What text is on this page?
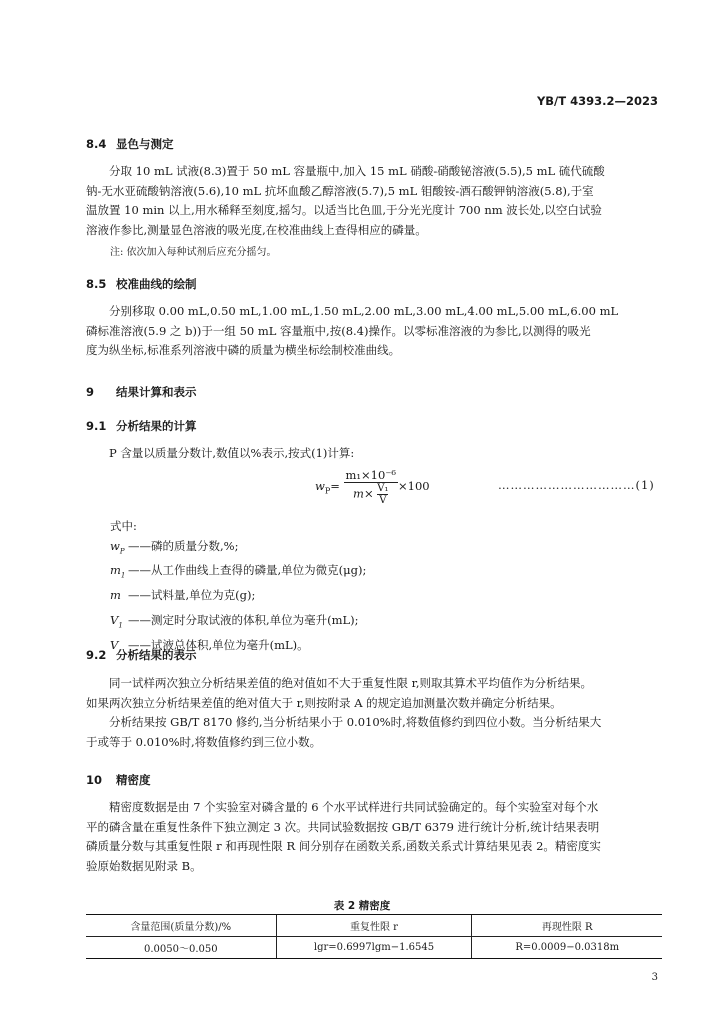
YB/T 4393.2—2023
8.4 显色与测定

分取 10 mL 试液(8.3)置于 50 mL 容量瓶中,加入 15 mL 硝酸-硝酸铋溶液(5.5),5 mL 硫代硫酸
钠-无水亚硫酸钠溶液(5.6),10 mL 抗坏血酸乙醇溶液(5.7),5 mL 钼酸铵-酒石酸钾钠溶液(5.8),于室
温放置 10 min 以上,用水稀释至刻度,摇匀。以适当比色皿,于分光光度计 700 nm 波长处,以空白试验
溶液作参比,测量显色溶液的吸光度,在校准曲线上查得相应的磷量。

注: 依次加入每种试剂后应充分摇匀。
8.5 校准曲线的绘制

分别移取 0.00 mL,0.50 mL,1.00 mL,1.50 mL,2.00 mL,3.00 mL,4.00 mL,5.00 mL,6.00 mL
磷标准溶液(5.9 之 b))于一组 50 mL 容量瓶中,按(8.4)操作。以零标准溶液的为参比,以测得的吸光
度为纵坐标,标准系列溶液中磷的质量为横坐标绘制校准曲线。

9 结果计算和表示
9.1 分析结果的计算

P 含量以质量分数计,数值以%表示,按式(1)计算:

$w_P= \frac{\text{m₁×10⁻⁶}}{m\times \frac{\text{V₁}}{V}} \times 100$	……………………………(1)
式中:
$w_P$ ——磷的质量分数,%;
$m_1$ ——从工作曲线上查得的磷量,单位为微克(μg);
m ——试料量,单位为克(g);
$V_1$ ——测定时分取试液的体积,单位为毫升(mL);
V ——试液总体积,单位为毫升(mL)。
9.2 分析结果的表示

同一试样两次独立分析结果差值的绝对值如不大于重复性限 r,则取其算术平均值作为分析结果。
如果两次独立分析结果差值的绝对值大于 r,则按附录 A 的规定追加测量次数并确定分析结果。

分析结果按 GB/T 8170 修约,当分析结果小于 0.010%时,将数值修约到四位小数。当分析结果大
于或等于 0.010%时,将数值修约到三位小数。

10 精密度

精密度数据是由 7 个实验室对磷含量的 6 个水平试样进行共同试验确定的。每个实验室对每个水
平的磷含量在重复性条件下独立测定 3 次。共同试验数据按 GB/T 6379 进行统计分析,统计结果表明
磷质量分数与其重复性限 r 和再现性限 R 间分别存在函数关系,函数关系式计算结果见表 2。精密度实
验原始数据见附录 B。

表 2 精密度
含量范围(质量分数)/%	重复性限 r	再现性限 R
0.0050～0.050	lgr=0.6997lgm−1.6545	R=0.0009−0.0318m
3
